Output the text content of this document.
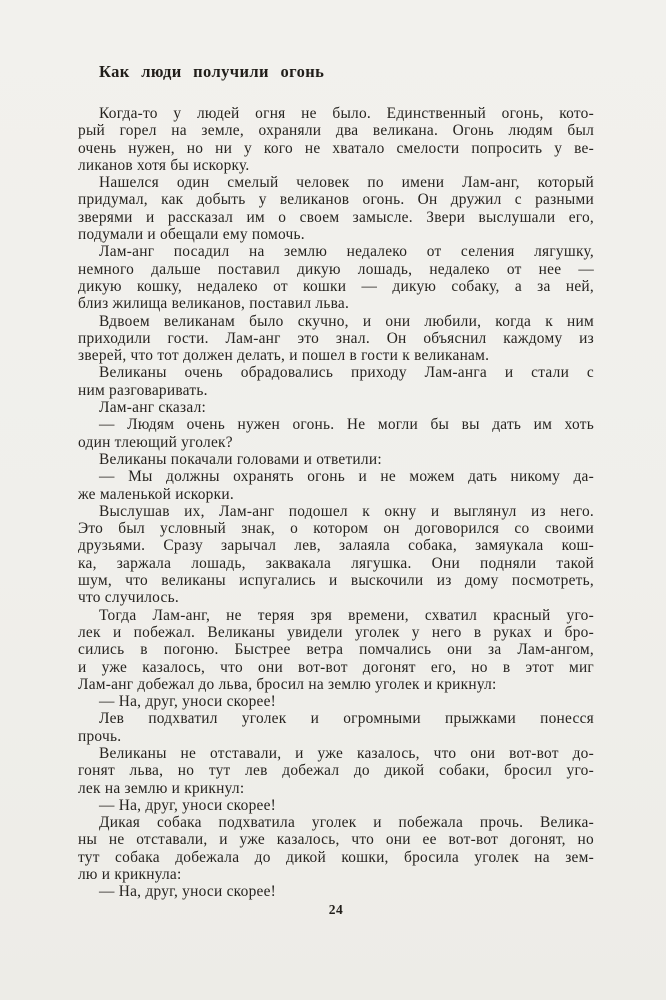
Как люди получили огонь
Когда-то у людей огня не было. Единственный огонь, кото-
рый горел на земле, охраняли два великана. Огонь людям был
очень нужен, но ни у кого не хватало смелости попросить у ве-
ликанов хотя бы искорку.
Нашелся один смелый человек по имени Лам-анг, который
придумал, как добыть у великанов огонь. Он дружил с разными
зверями и рассказал им о своем замысле. Звери выслушали его,
подумали и обещали ему помочь.
Лам-анг посадил на землю недалеко от селения лягушку,
немного дальше поставил дикую лошадь, недалеко от нее —
дикую кошку, недалеко от кошки — дикую собаку, а за ней,
близ жилища великанов, поставил льва.
Вдвоем великанам было скучно, и они любили, когда к ним
приходили гости. Лам-анг это знал. Он объяснил каждому из
зверей, что тот должен делать, и пошел в гости к великанам.
Великаны очень обрадовались приходу Лам-анга и стали с
ним разговаривать.
Лам-анг сказал:
— Людям очень нужен огонь. Не могли бы вы дать им хоть
один тлеющий уголек?
Великаны покачали головами и ответили:
— Мы должны охранять огонь и не можем дать никому да-
же маленькой искорки.
Выслушав их, Лам-анг подошел к окну и выглянул из него.
Это был условный знак, о котором он договорился со своими
друзьями. Сразу зарычал лев, залаяла собака, замяукала кош-
ка, заржала лошадь, заквакала лягушка. Они подняли такой
шум, что великаны испугались и выскочили из дому посмотреть,
что случилось.
Тогда Лам-анг, не теряя зря времени, схватил красный уго-
лек и побежал. Великаны увидели уголек у него в руках и бро-
сились в погоню. Быстрее ветра помчались они за Лам-ангом,
и уже казалось, что они вот-вот догонят его, но в этот миг
Лам-анг добежал до льва, бросил на землю уголек и крикнул:
— На, друг, уноси скорее!
Лев подхватил уголек и огромными прыжками понесся
прочь.
Великаны не отставали, и уже казалось, что они вот-вот до-
гонят льва, но тут лев добежал до дикой собаки, бросил уго-
лек на землю и крикнул:
— На, друг, уноси скорее!
Дикая собака подхватила уголек и побежала прочь. Велика-
ны не отставали, и уже казалось, что они ее вот-вот догонят, но
тут собака добежала до дикой кошки, бросила уголек на зем-
лю и крикнула:
— На, друг, уноси скорее!
24
